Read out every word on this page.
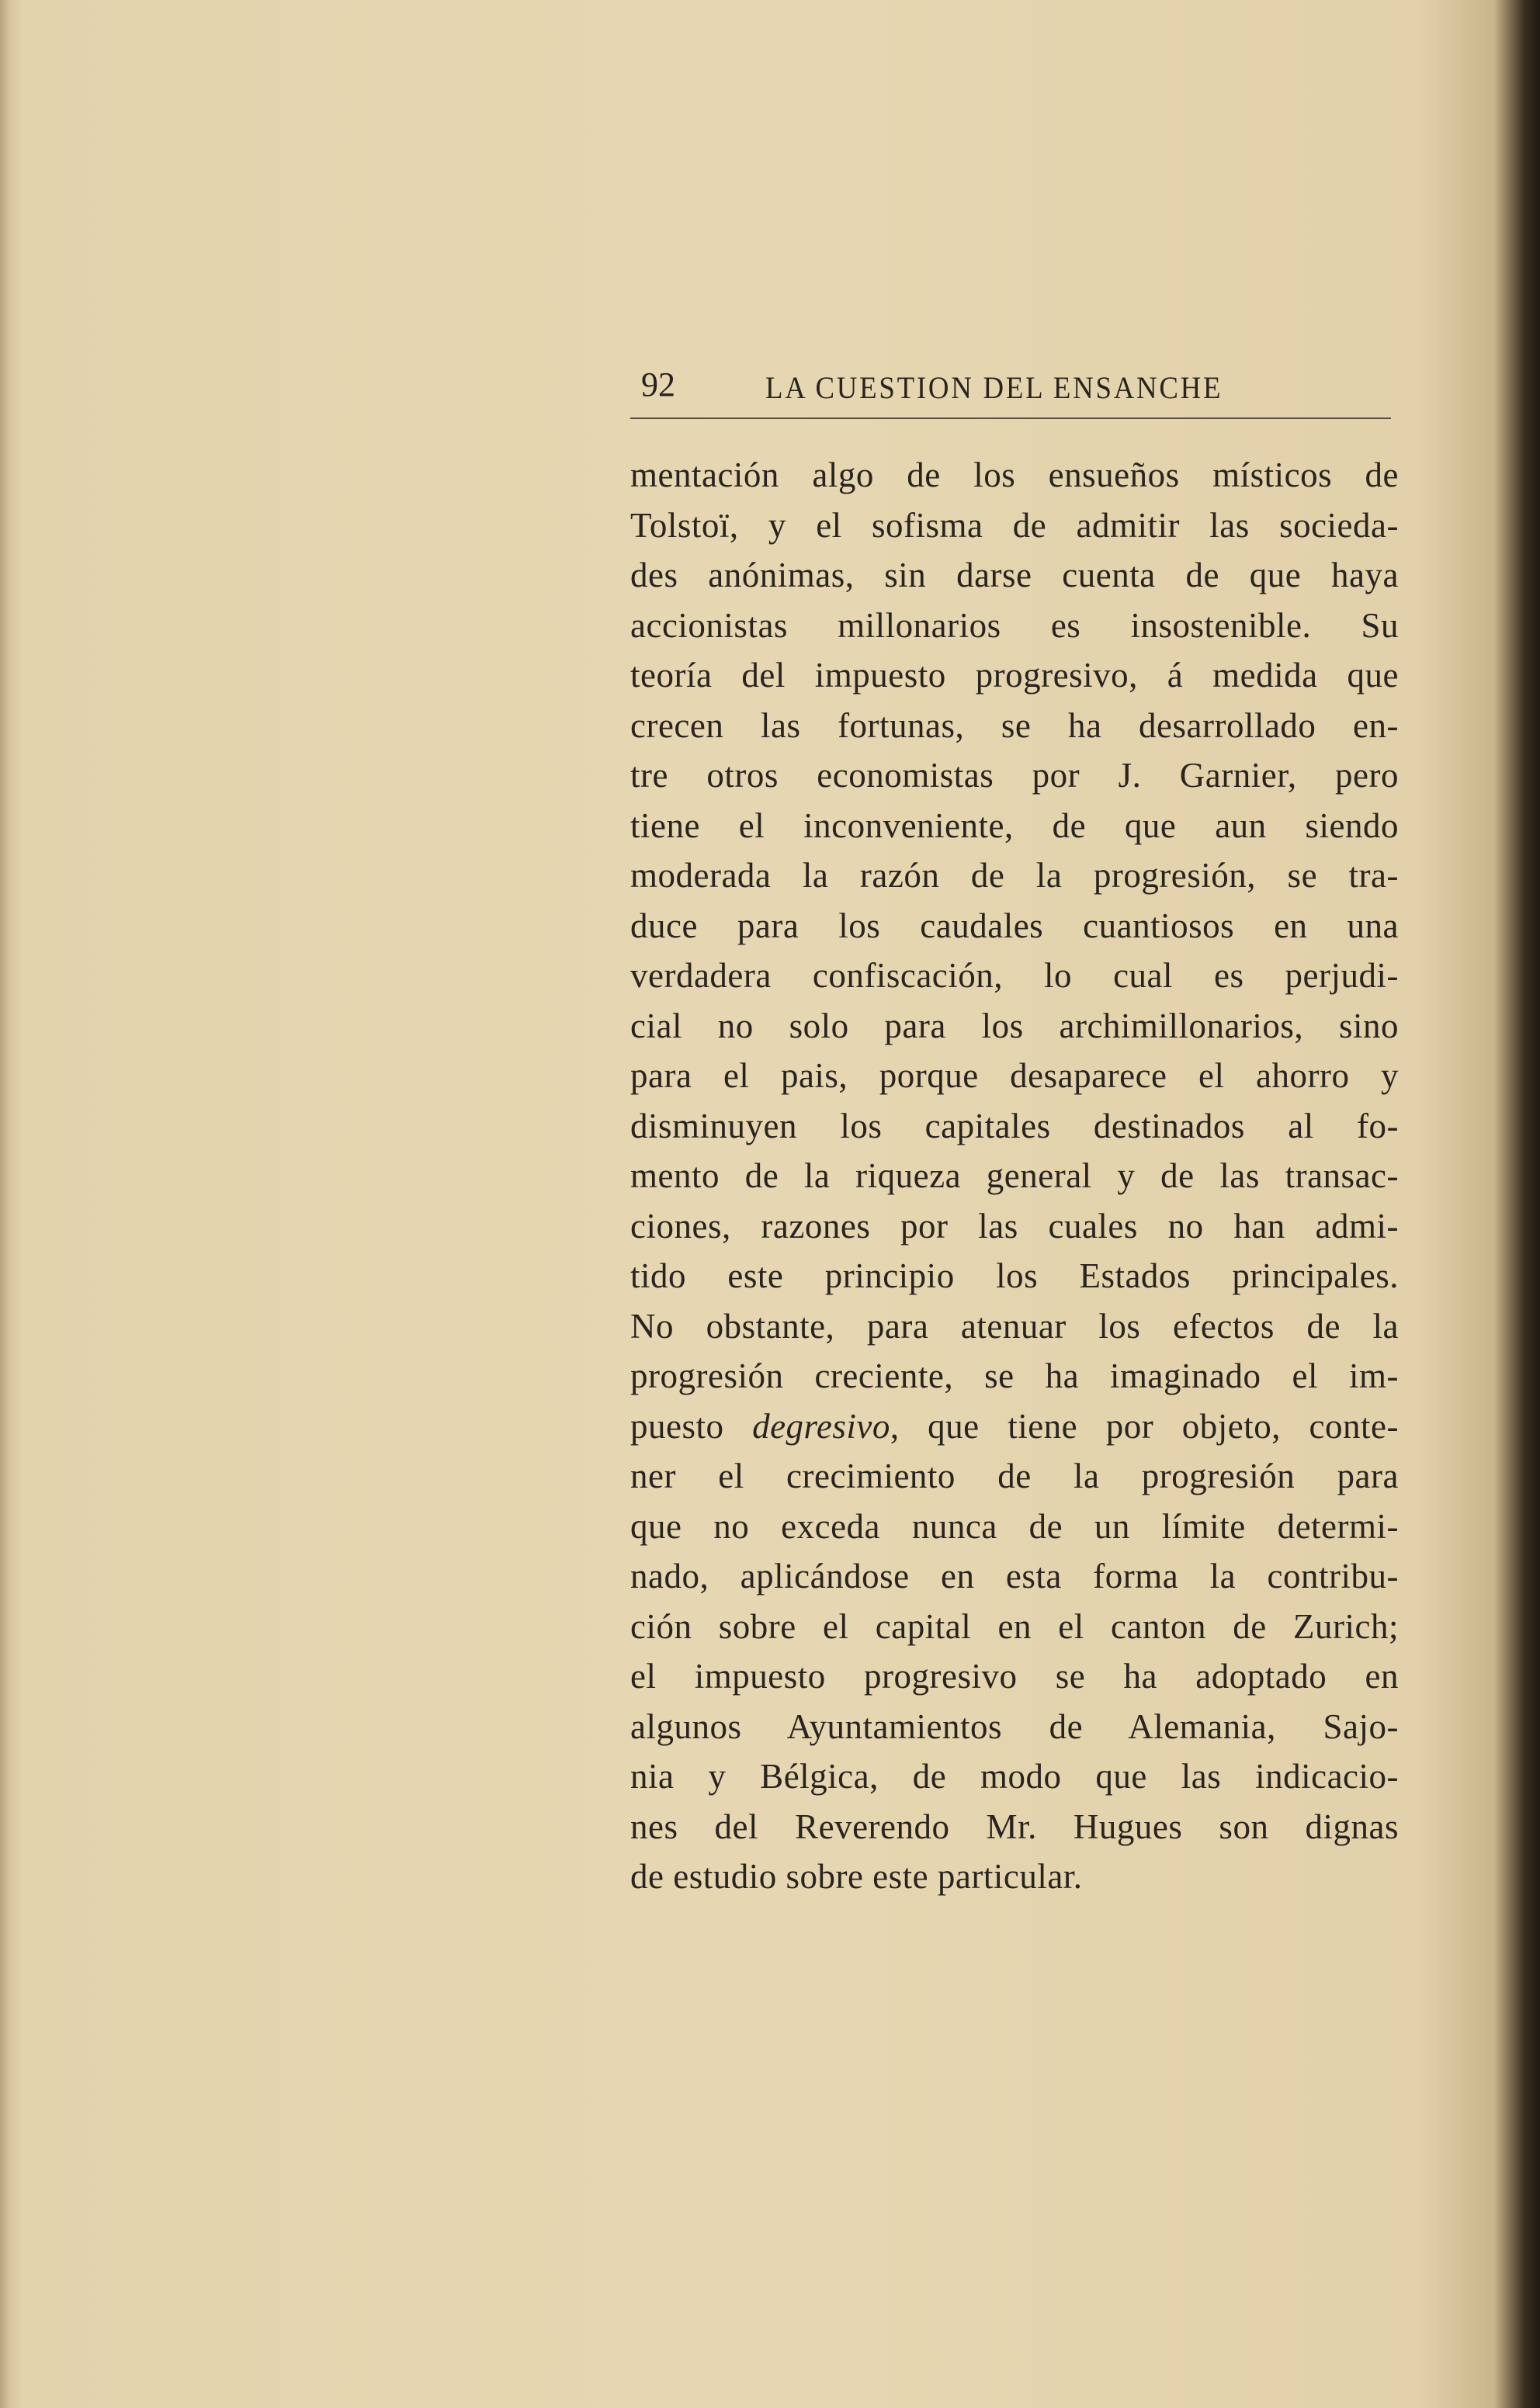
92	LA CUESTION DEL ENSANCHE
mentación algo de los ensueños místicos de
Tolstoï, y el sofisma de admitir las socieda-
des anónimas, sin darse cuenta de que haya
accionistas millonarios es insostenible. Su
teoría del impuesto progresivo, á medida que
crecen las fortunas, se ha desarrollado en-
tre otros economistas por J. Garnier, pero
tiene el inconveniente, de que aun siendo
moderada la razón de la progresión, se tra-
duce para los caudales cuantiosos en una
verdadera confiscación, lo cual es perjudi-
cial no solo para los archimillonarios, sino
para el pais, porque desaparece el ahorro y
disminuyen los capitales destinados al fo-
mento de la riqueza general y de las transac-
ciones, razones por las cuales no han admi-
tido este principio los Estados principales.
No obstante, para atenuar los efectos de la
progresión creciente, se ha imaginado el im-
puesto degresivo, que tiene por objeto, conte-
ner el crecimiento de la progresión para
que no exceda nunca de un límite determi-
nado, aplicándose en esta forma la contribu-
ción sobre el capital en el canton de Zurich;
el impuesto progresivo se ha adoptado en
algunos Ayuntamientos de Alemania, Sajo-
nia y Bélgica, de modo que las indicacio-
nes del Reverendo Mr. Hugues son dignas
de estudio sobre este particular.
